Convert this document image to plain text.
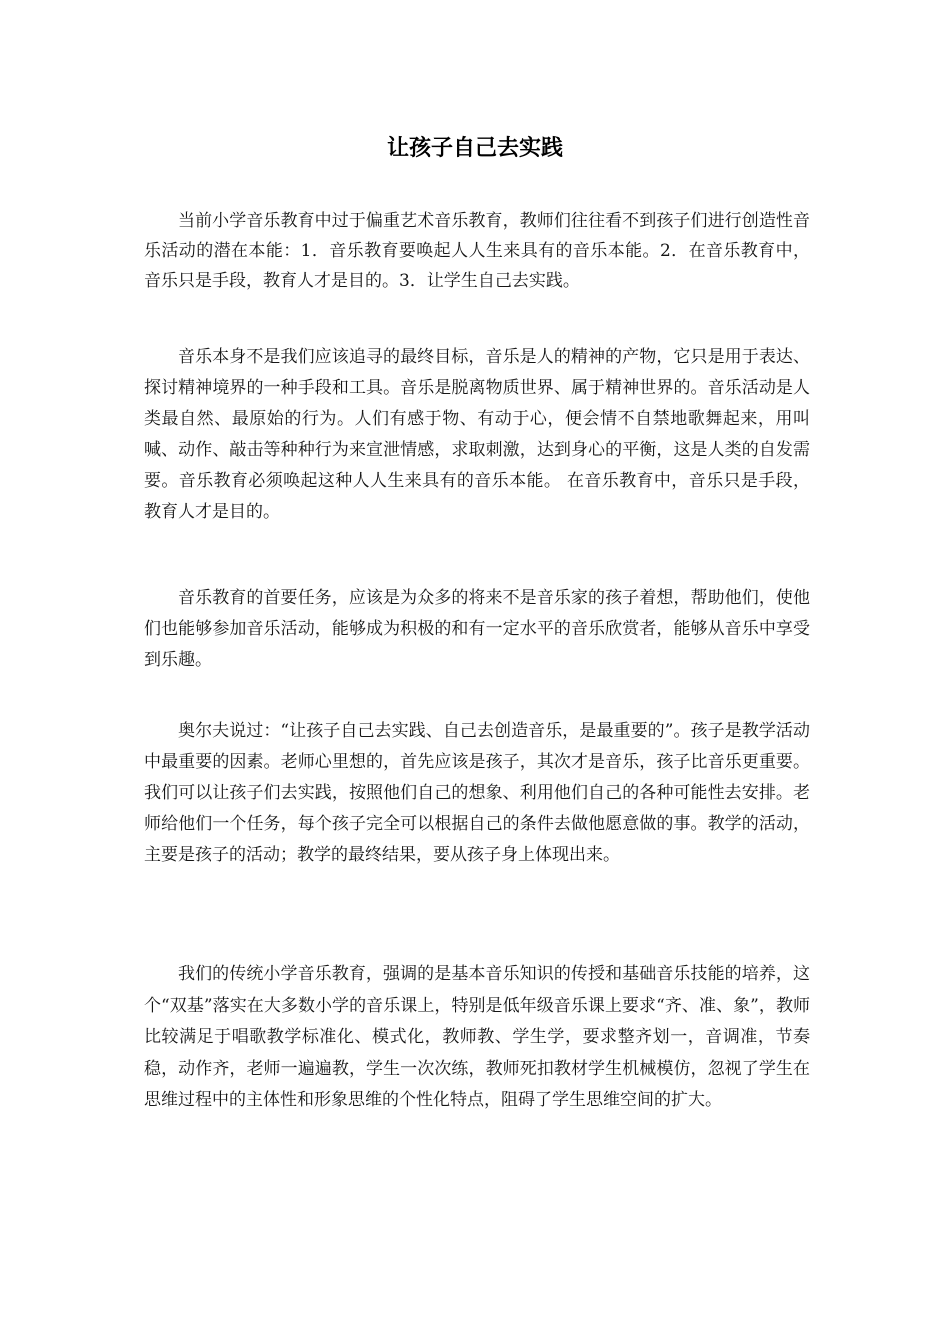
让孩子自己去实践

当前小学音乐教育中过于偏重艺术音乐教育，教师们往往看不到孩子们进行创造性音乐活动的潜在本能：1．音乐教育要唤起人人生来具有的音乐本能。2．在音乐教育中，音乐只是手段，教育人才是目的。3．让学生自己去实践。

音乐本身不是我们应该追寻的最终目标，音乐是人的精神的产物，它只是用于表达、探讨精神境界的一种手段和工具。音乐是脱离物质世界、属于精神世界的。音乐活动是人类最自然、最原始的行为。人们有感于物、有动于心，便会情不自禁地歌舞起来，用叫喊、动作、敲击等种种行为来宣泄情感，求取刺激，达到身心的平衡，这是人类的自发需要。音乐教育必须唤起这种人人生来具有的音乐本能。 在音乐教育中，音乐只是手段，教育人才是目的。

音乐教育的首要任务，应该是为众多的将来不是音乐家的孩子着想，帮助他们，使他们也能够参加音乐活动，能够成为积极的和有一定水平的音乐欣赏者，能够从音乐中享受到乐趣。

奥尔夫说过：“让孩子自己去实践、自己去创造音乐，是最重要的”。孩子是教学活动中最重要的因素。老师心里想的，首先应该是孩子，其次才是音乐，孩子比音乐更重要。我们可以让孩子们去实践，按照他们自己的想象、利用他们自己的各种可能性去安排。老师给他们一个任务，每个孩子完全可以根据自己的条件去做他愿意做的事。教学的活动，主要是孩子的活动；教学的最终结果，要从孩子身上体现出来。

我们的传统小学音乐教育，强调的是基本音乐知识的传授和基础音乐技能的培养，这个“双基”落实在大多数小学的音乐课上，特别是低年级音乐课上要求“齐、准、象”，教师比较满足于唱歌教学标准化、模式化，教师教、学生学，要求整齐划一，音调准，节奏稳，动作齐，老师一遍遍教，学生一次次练，教师死扣教材学生机械模仿，忽视了学生在思维过程中的主体性和形象思维的个性化特点，阻碍了学生思维空间的扩大。
